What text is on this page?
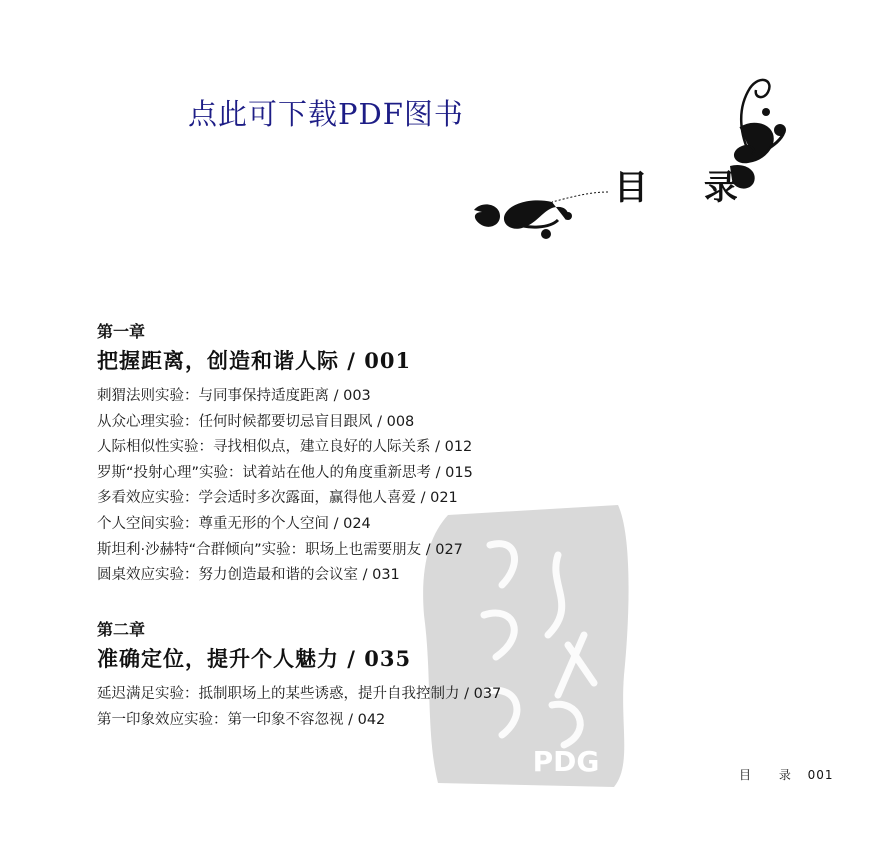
点此可下载PDF图书
目 录
PDG
第一章
把握距离，创造和谐人际 / 001
刺猬法则实验：与同事保持适度距离 / 003
从众心理实验：任何时候都要切忌盲目跟风 / 008
人际相似性实验：寻找相似点，建立良好的人际关系 / 012
罗斯“投射心理”实验：试着站在他人的角度重新思考 / 015
多看效应实验：学会适时多次露面，赢得他人喜爱 / 021
个人空间实验：尊重无形的个人空间 / 024
斯坦利·沙赫特“合群倾向”实验：职场上也需要朋友 / 027
圆桌效应实验：努力创造最和谐的会议室 / 031
第二章
准确定位，提升个人魅力 / 035
延迟满足实验：抵制职场上的某些诱惑，提升自我控制力 / 037
第一印象效应实验：第一印象不容忽视 / 042
目 录 001
